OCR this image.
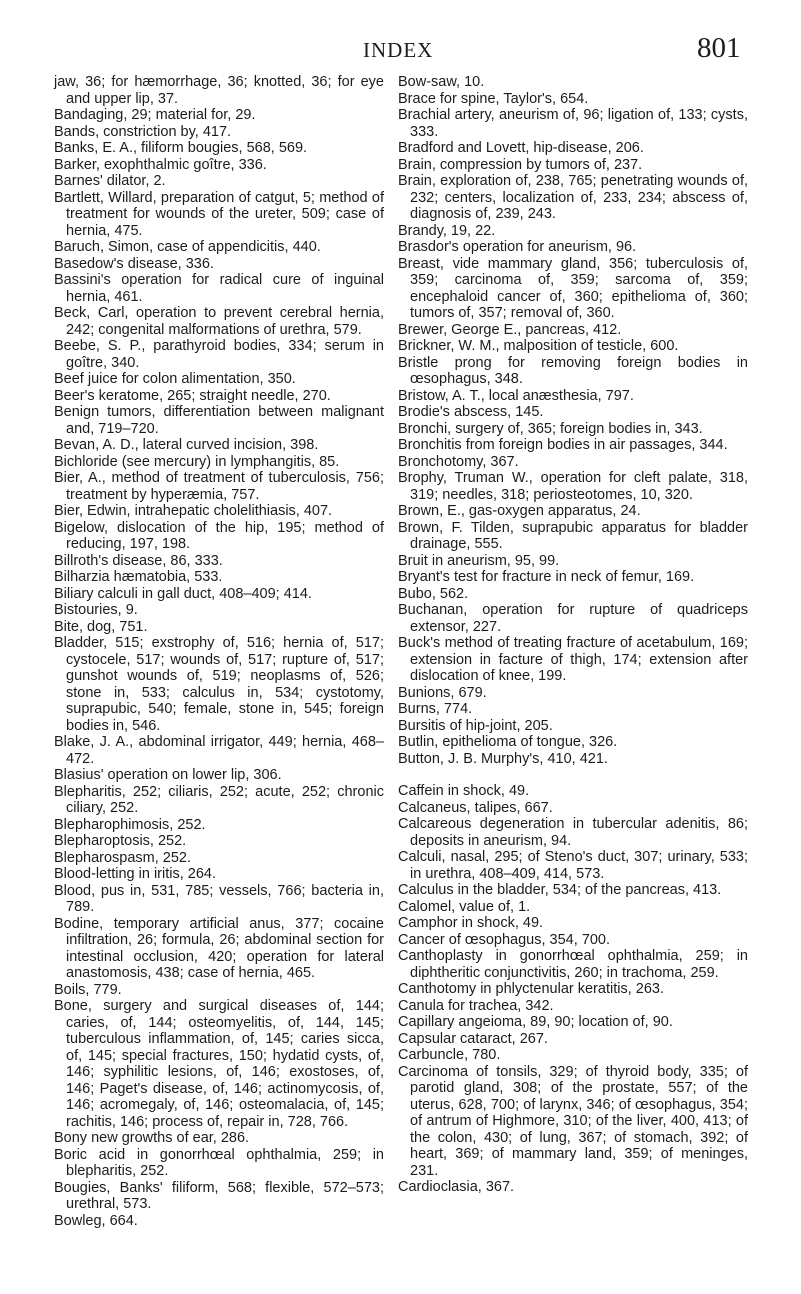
INDEX	801

jaw, 36; for hæmorrhage, 36; knotted, 36; for eye and upper lip, 37.

Bandaging, 29; material for, 29.

Bands, constriction by, 417.

Banks, E. A., filiform bougies, 568, 569.

Barker, exophthalmic goître, 336.

Barnes' dilator, 2.

Bartlett, Willard, preparation of catgut, 5; method of treatment for wounds of the ureter, 509; case of hernia, 475.

Baruch, Simon, case of appendicitis, 440.

Basedow's disease, 336.

Bassini's operation for radical cure of inguinal hernia, 461.

Beck, Carl, operation to prevent cerebral hernia, 242; congenital malformations of urethra, 579.

Beebe, S. P., parathyroid bodies, 334; serum in goître, 340.

Beef juice for colon alimentation, 350.

Beer's keratome, 265; straight needle, 270.

Benign tumors, differentiation between malignant and, 719–720.

Bevan, A. D., lateral curved incision, 398.

Bichloride (see mercury) in lymphangitis, 85.

Bier, A., method of treatment of tuberculosis, 756; treatment by hyperæmia, 757.

Bier, Edwin, intrahepatic cholelithiasis, 407.

Bigelow, dislocation of the hip, 195; method of reducing, 197, 198.

Billroth's disease, 86, 333.

Bilharzia hæmatobia, 533.

Biliary calculi in gall duct, 408–409; 414.

Bistouries, 9.

Bite, dog, 751.

Bladder, 515; exstrophy of, 516; hernia of, 517; cystocele, 517; wounds of, 517; rupture of, 517; gunshot wounds of, 519; neoplasms of, 526; stone in, 533; calculus in, 534; cystotomy, suprapubic, 540; female, stone in, 545; foreign bodies in, 546.

Blake, J. A., abdominal irrigator, 449; hernia, 468–472.

Blasius' operation on lower lip, 306.

Blepharitis, 252; ciliaris, 252; acute, 252; chronic ciliary, 252.

Blepharophimosis, 252.

Blepharoptosis, 252.

Blepharospasm, 252.

Blood-letting in iritis, 264.

Blood, pus in, 531, 785; vessels, 766; bacteria in, 789.

Bodine, temporary artificial anus, 377; cocaine infiltration, 26; formula, 26; abdominal section for intestinal occlusion, 420; operation for lateral anastomosis, 438; case of hernia, 465.

Boils, 779.

Bone, surgery and surgical diseases of, 144; caries, of, 144; osteomyelitis, of, 144, 145; tuberculous inflammation, of, 145; caries sicca, of, 145; special fractures, 150; hydatid cysts, of, 146; syphilitic lesions, of, 146; exostoses, of, 146; Paget's disease, of, 146; actinomycosis, of, 146; acromegaly, of, 146; osteomalacia, of, 145; rachitis, 146; process of, repair in, 728, 766.

Bony new growths of ear, 286.

Boric acid in gonorrhœal ophthalmia, 259; in blepharitis, 252.

Bougies, Banks' filiform, 568; flexible, 572–573; urethral, 573.

Bowleg, 664.

Bow-saw, 10.

Brace for spine, Taylor's, 654.

Brachial artery, aneurism of, 96; ligation of, 133; cysts, 333.

Bradford and Lovett, hip-disease, 206.

Brain, compression by tumors of, 237.

Brain, exploration of, 238, 765; penetrating wounds of, 232; centers, localization of, 233, 234; abscess of, diagnosis of, 239, 243.

Brandy, 19, 22.

Brasdor's operation for aneurism, 96.

Breast, vide mammary gland, 356; tuberculosis of, 359; carcinoma of, 359; sarcoma of, 359; encephaloid cancer of, 360; epithelioma of, 360; tumors of, 357; removal of, 360.

Brewer, George E., pancreas, 412.

Brickner, W. M., malposition of testicle, 600.

Bristle prong for removing foreign bodies in œsophagus, 348.

Bristow, A. T., local anæsthesia, 797.

Brodie's abscess, 145.

Bronchi, surgery of, 365; foreign bodies in, 343.

Bronchitis from foreign bodies in air passages, 344.

Bronchotomy, 367.

Brophy, Truman W., operation for cleft palate, 318, 319; needles, 318; periosteotomes, 10, 320.

Brown, E., gas-oxygen apparatus, 24.

Brown, F. Tilden, suprapubic apparatus for bladder drainage, 555.

Bruit in aneurism, 95, 99.

Bryant's test for fracture in neck of femur, 169.

Bubo, 562.

Buchanan, operation for rupture of quadriceps extensor, 227.

Buck's method of treating fracture of acetabulum, 169; extension in facture of thigh, 174; extension after dislocation of knee, 199.

Bunions, 679.

Burns, 774.

Bursitis of hip-joint, 205.

Butlin, epithelioma of tongue, 326.

Button, J. B. Murphy's, 410, 421.

Caffein in shock, 49.

Calcaneus, talipes, 667.

Calcareous degeneration in tubercular adenitis, 86; deposits in aneurism, 94.

Calculi, nasal, 295; of Steno's duct, 307; urinary, 533; in urethra, 408–409, 414, 573.

Calculus in the bladder, 534; of the pancreas, 413.

Calomel, value of, 1.

Camphor in shock, 49.

Cancer of œsophagus, 354, 700.

Canthoplasty in gonorrhœal ophthalmia, 259; in diphtheritic conjunctivitis, 260; in trachoma, 259.

Canthotomy in phlyctenular keratitis, 263.

Canula for trachea, 342.

Capillary angeioma, 89, 90; location of, 90.

Capsular cataract, 267.

Carbuncle, 780.

Carcinoma of tonsils, 329; of thyroid body, 335; of parotid gland, 308; of the prostate, 557; of the uterus, 628, 700; of larynx, 346; of œsophagus, 354; of antrum of Highmore, 310; of the liver, 400, 413; of the colon, 430; of lung, 367; of stomach, 392; of heart, 369; of mammary land, 359; of meninges, 231.

Cardioclasia, 367.
